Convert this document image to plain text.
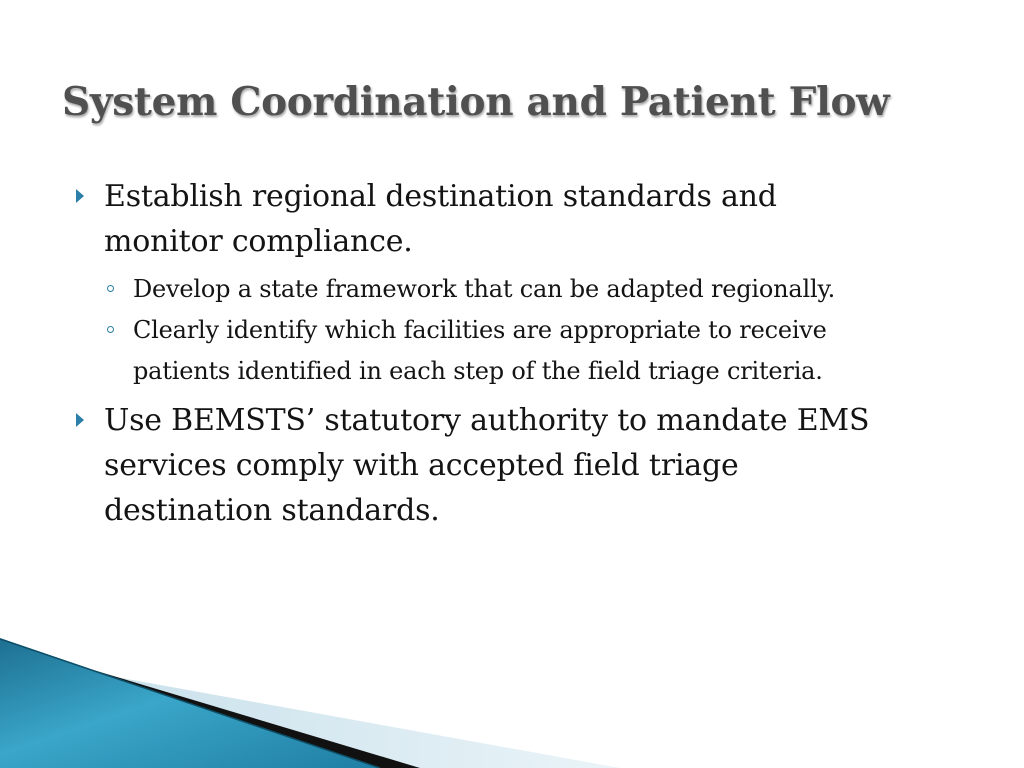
System Coordination and Patient Flow
Establish regional destination standards and
monitor compliance.
Develop a state framework that can be adapted regionally.
Clearly identify which facilities are appropriate to receive
patients identified in each step of the field triage criteria.
Use BEMSTS’ statutory authority to mandate EMS
services comply with accepted field triage
destination standards.
